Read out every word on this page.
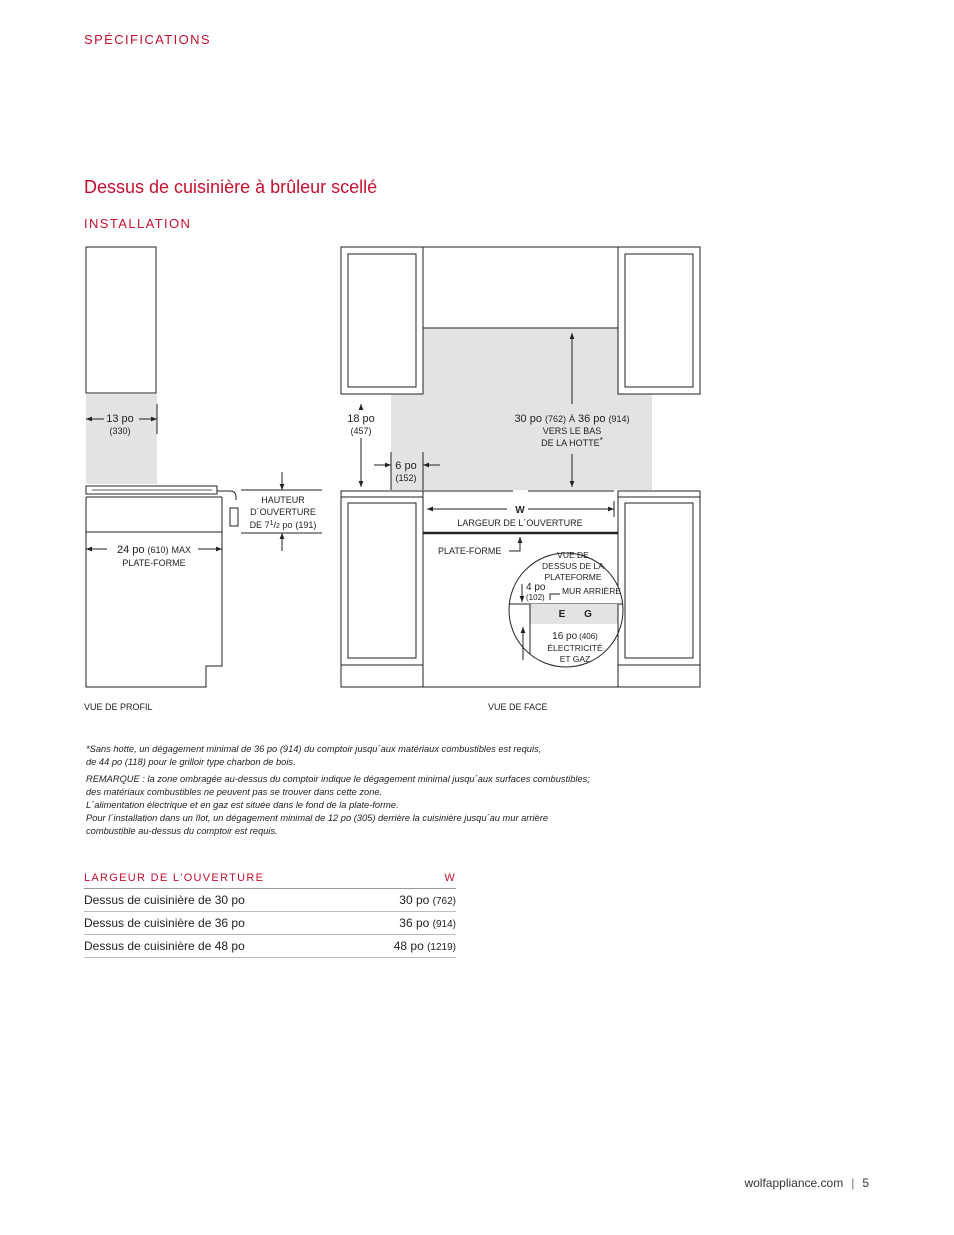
SPÉCIFICATIONS
Dessus de cuisinière à brûleur scellé
INSTALLATION
13 po
(330)
24 po (610) MAX
PLATE-FORME
HAUTEUR
D´OUVERTURE
DE $7^1/2$ po (191)
VUE DE PROFIL
18 po
(457)
6 po
(152)
30 po (762) À 36 po (914)
VERS LE BAS
DE LA HOTTE*
W
LARGEUR DE L´OUVERTURE
PLATE-FORME	VUE DE
DESSUS DE LA
PLATEFORME
4 po
(102)
MUR ARRIÈRE
E G
16 po (406)
ÉLECTRICITÉ
ET GAZ
VUE DE FACE

*Sans hotte, un dégagement minimal de 36 po (914) du comptoir jusqu´aux matériaux combustibles est requis,
de 44 po (118) pour le grilloir type charbon de bois.

REMARQUE : la zone ombragée au-dessus du comptoir indique le dégagement minimal jusqu´aux surfaces combustibles;
des matériaux combustibles ne peuvent pas se trouver dans cette zone.
L´alimentation électrique et en gaz est située dans le fond de la plate-forme.
Pour l´installation dans un îlot, un dégagement minimal de 12 po (305) derrière la cuisinière jusqu´au mur arrière
combustible au-dessus du comptoir est requis.

LARGEUR DE L'OUVERTURE	W
Dessus de cuisinière de 30 po	30 po (762)
Dessus de cuisinière de 36 po	36 po (914)
Dessus de cuisinière de 48 po	48 po (1219)
wolfappliance.com | 5
